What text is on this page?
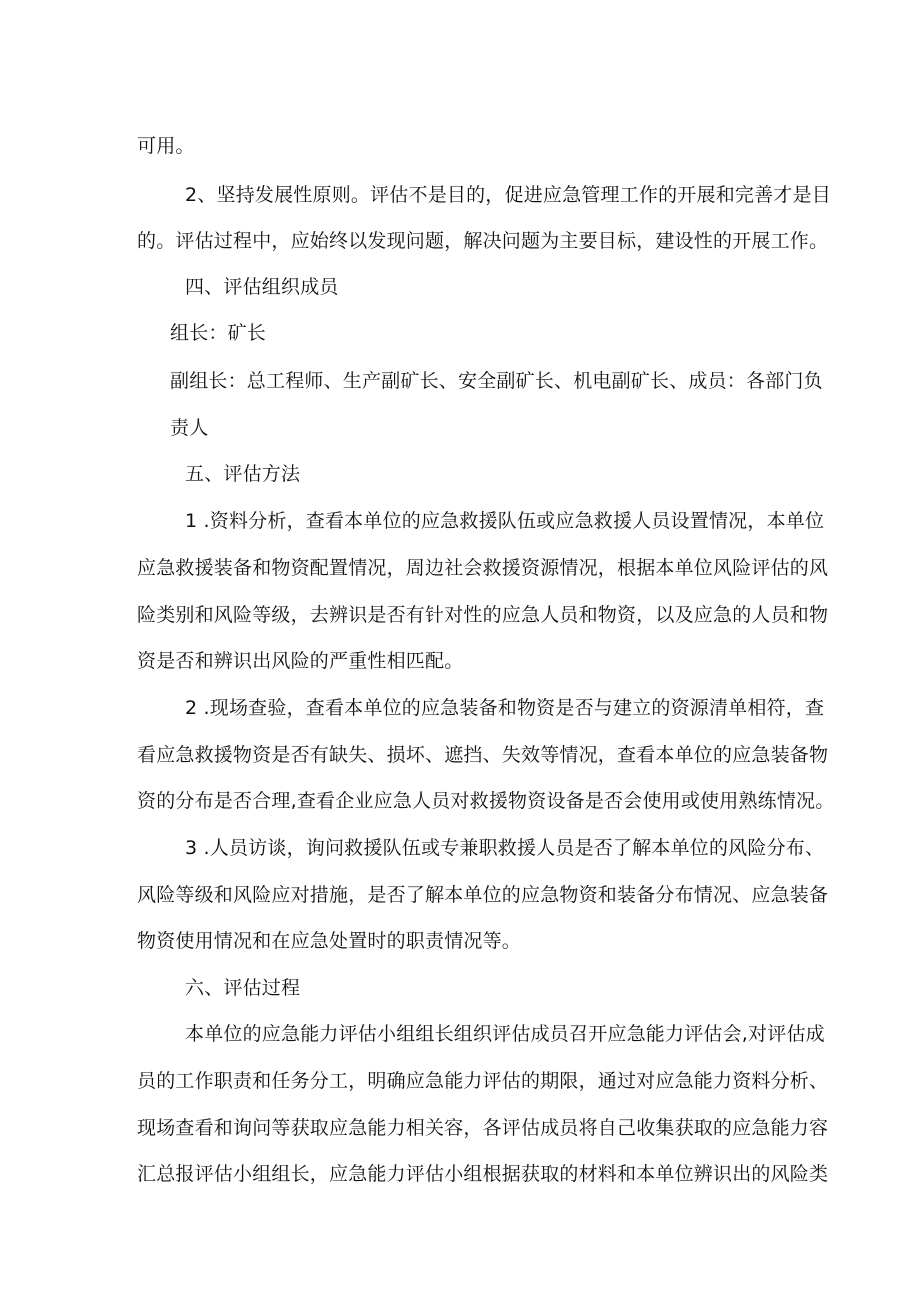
可用。
2、坚持发展性原则。评估不是目的，促进应急管理工作的开展和完善才是目
的。评估过程中，应始终以发现问题，解决问题为主要目标，建设性的开展工作。
四、评估组织成员
组长：矿长
副组长：总工程师、生产副矿长、安全副矿长、机电副矿长、成员：各部门负
责人
五、评估方法
1 .资料分析，查看本单位的应急救援队伍或应急救援人员设置情况，本单位
应急救援装备和物资配置情况，周边社会救援资源情况，根据本单位风险评估的风
险类别和风险等级，去辨识是否有针对性的应急人员和物资，以及应急的人员和物
资是否和辨识出风险的严重性相匹配。
2 .现场查验，查看本单位的应急装备和物资是否与建立的资源清单相符，查
看应急救援物资是否有缺失、损坏、遮挡、失效等情况，查看本单位的应急装备物
资的分布是否合理,查看企业应急人员对救援物资设备是否会使用或使用熟练情况。
3 .人员访谈，询问救援队伍或专兼职救援人员是否了解本单位的风险分布、
风险等级和风险应对措施，是否了解本单位的应急物资和装备分布情况、应急装备
物资使用情况和在应急处置时的职责情况等。
六、评估过程
本单位的应急能力评估小组组长组织评估成员召开应急能力评估会,对评估成
员的工作职责和任务分工，明确应急能力评估的期限，通过对应急能力资料分析、
现场查看和询问等获取应急能力相关容，各评估成员将自己收集获取的应急能力容
汇总报评估小组组长，应急能力评估小组根据获取的材料和本单位辨识出的风险类
